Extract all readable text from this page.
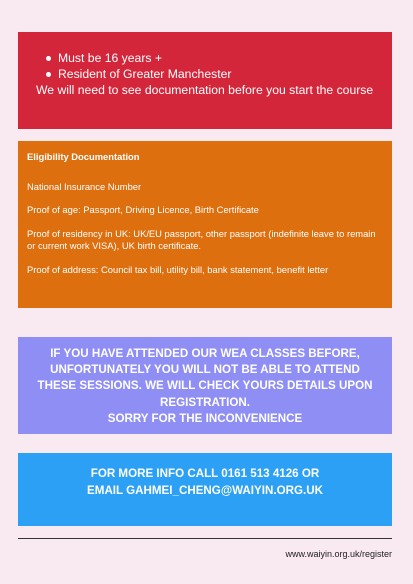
Must be 16 years +
Resident of Greater Manchester
We will need to see documentation before you start the course
Eligibility Documentation

National Insurance Number

Proof of age: Passport, Driving Licence, Birth Certificate

Proof of residency in UK: UK/EU passport, other passport (indefinite leave to remain or current work VISA), UK birth certificate.

Proof of address: Council tax bill, utility bill, bank statement, benefit letter

IF YOU HAVE ATTENDED OUR WEA CLASSES BEFORE, UNFORTUNATELY YOU WILL NOT BE ABLE TO ATTEND THESE SESSIONS. WE WILL CHECK YOURS DETAILS UPON REGISTRATION.
SORRY FOR THE INCONVENIENCE
FOR MORE INFO CALL 0161 513 4126 OR
EMAIL GAHMEI_CHENG@WAIYIN.ORG.UK
www.waiyin.org.uk/register
